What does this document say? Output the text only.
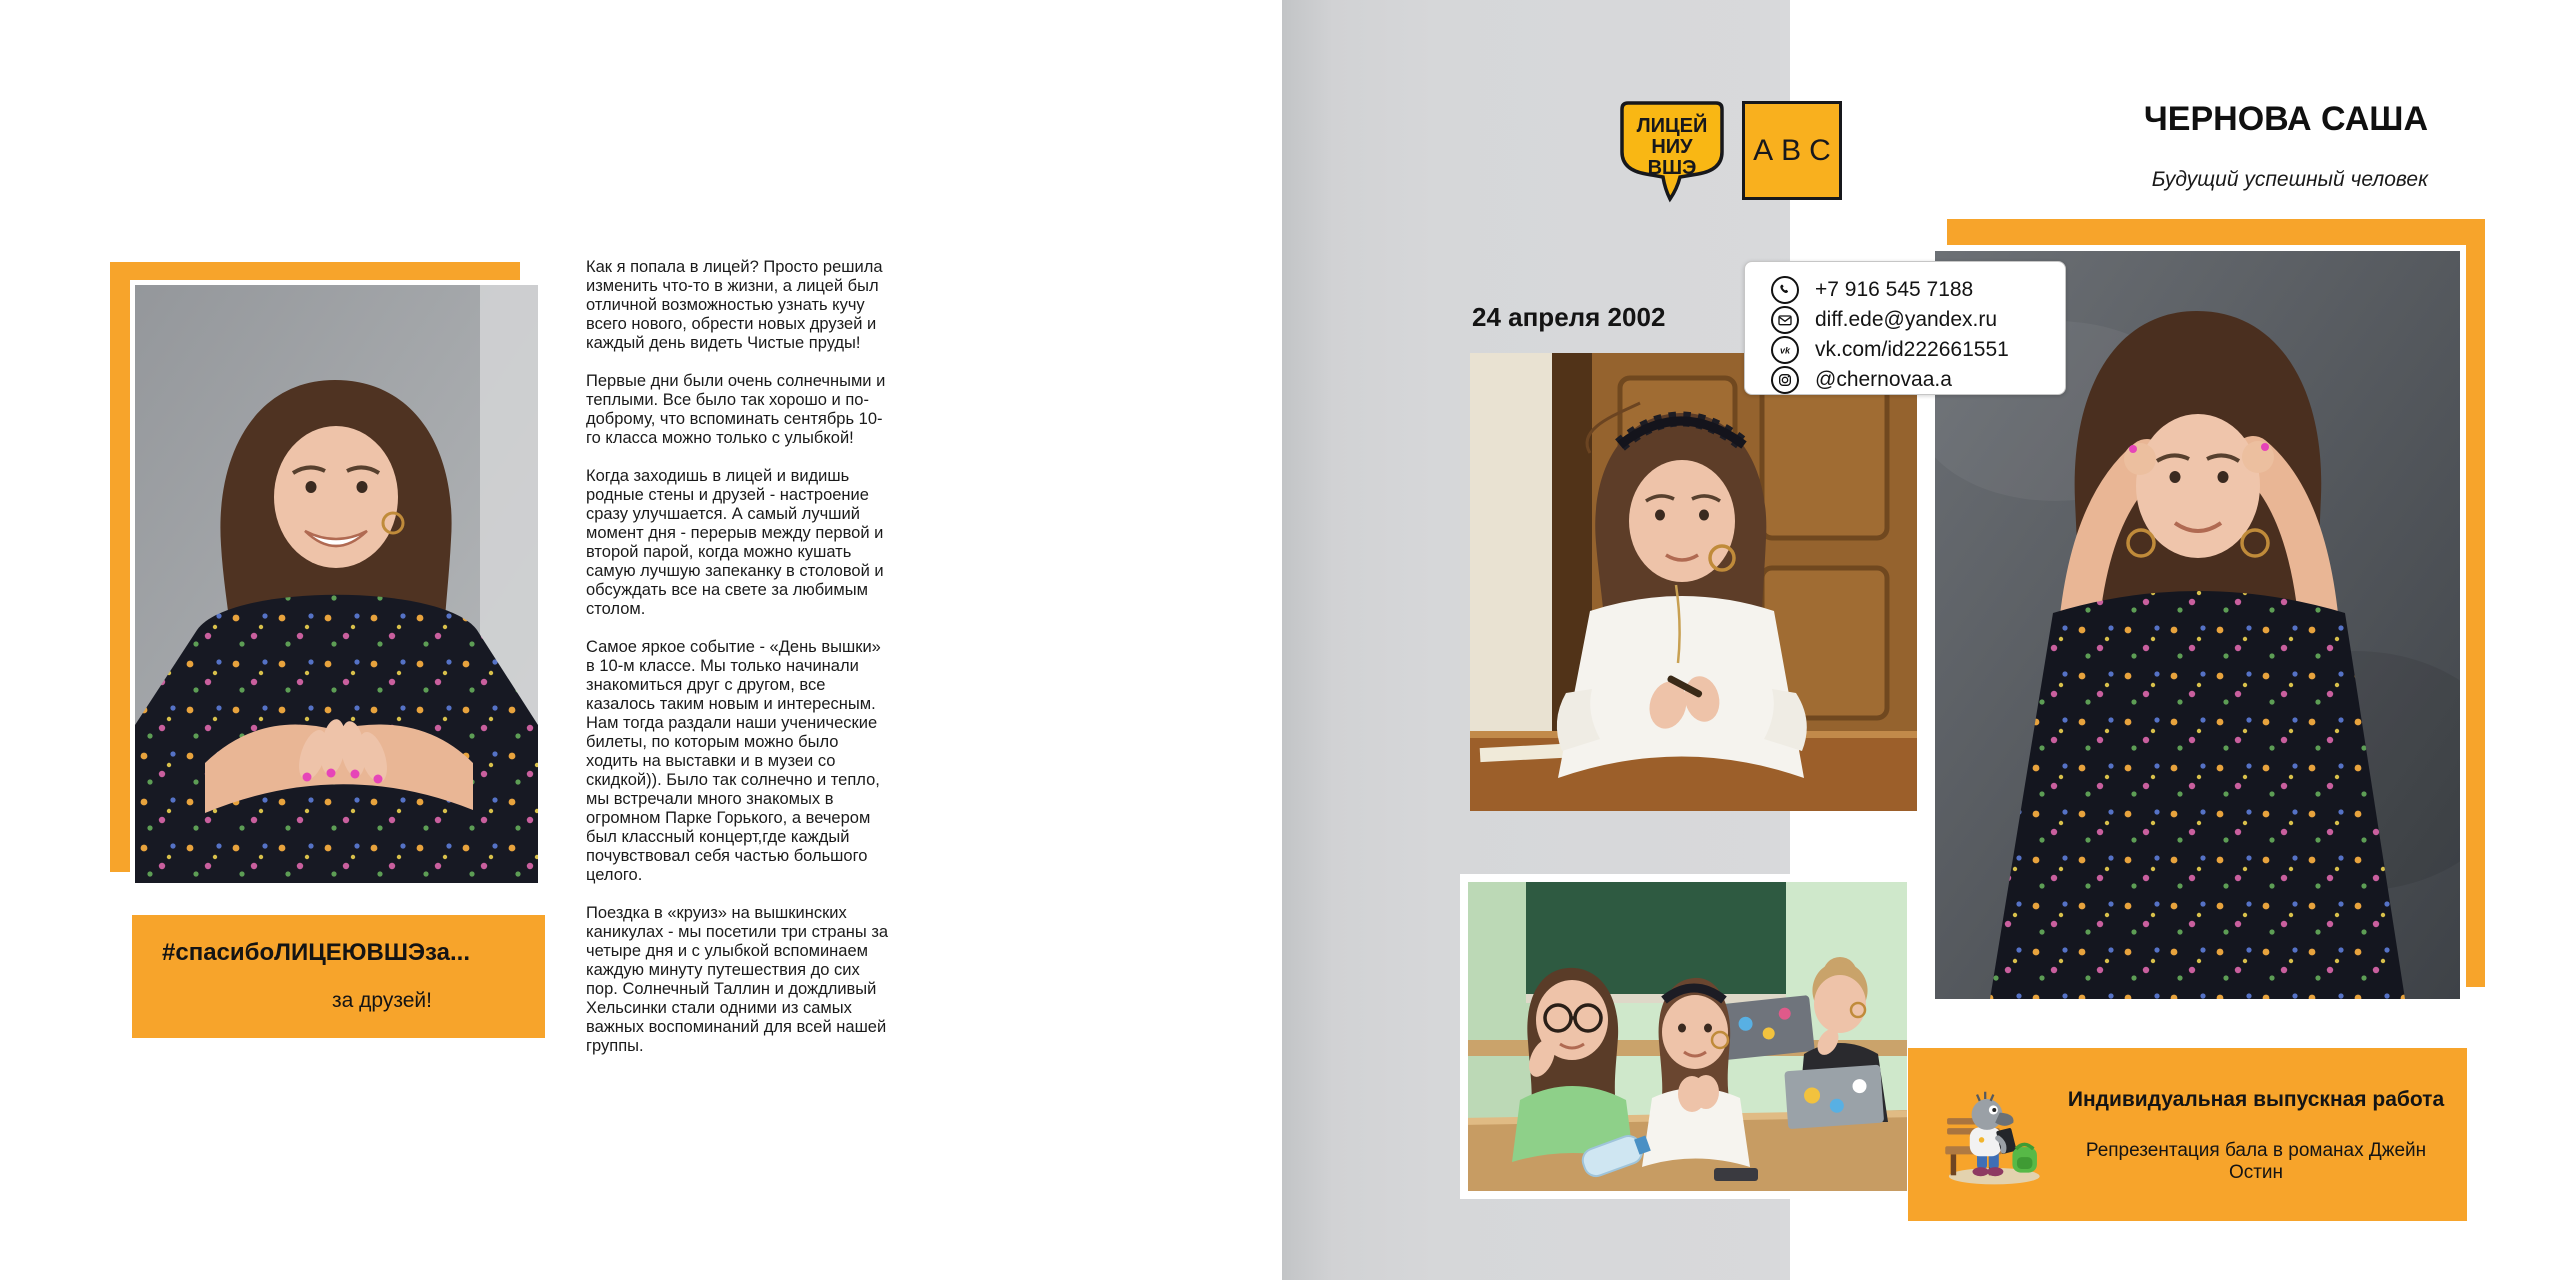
Как я попала в лицей? Просто решила изменить что-то в жизни, а лицей был отличной возможностью узнать кучу всего нового, обрести новых друзей и каждый день видеть Чистые пруды!

Первые дни были очень солнечными и теплыми. Все было так хорошо и по-доброму, что вспоминать сентябрь 10-го класса можно только с улыбкой!

Когда заходишь в лицей и видишь родные стены и друзей - настроение сразу улучшается. А самый лучший момент дня - перерыв между первой и второй парой, когда можно кушать самую лучшую запеканку в столовой и обсуждать все на свете за любимым столом.

Самое яркое событие - «День вышки» в 10-м классе. Мы только начинали знакомиться друг с другом, все казалось таким новым и интересным. Нам тогда раздали наши ученические билеты, по которым можно было ходить на выставки и в музеи со скидкой)). Было так солнечно и тепло, мы встречали много знакомых в огромном Парке Горького, а вечером был классный концерт,где каждый почувствовал себя частью большого целого.

Поездка в «круиз» на вышкинских каникулах - мы посетили три страны за четыре дня и с улыбкой вспоминаем каждую минуту путешествия до сих пор. Солнечный Таллин и дождливый Хельсинки стали одними из самых важных воспоминаний для всей нашей группы.

#спасибоЛИЦЕЮВШЭза...
за друзей!
ЛИЦЕЙ
НИУ
ВШЭ
ABC
ЧЕРНОВА САША
Будущий успешный человек
24 апреля 2002
+7 916 545 7188
diff.ede@yandex.ru
vk vk.com/id222661551
@chernovaa.a
Индивидуальная выпускная работа
Репрезентация бала в романах Джейн Остин
